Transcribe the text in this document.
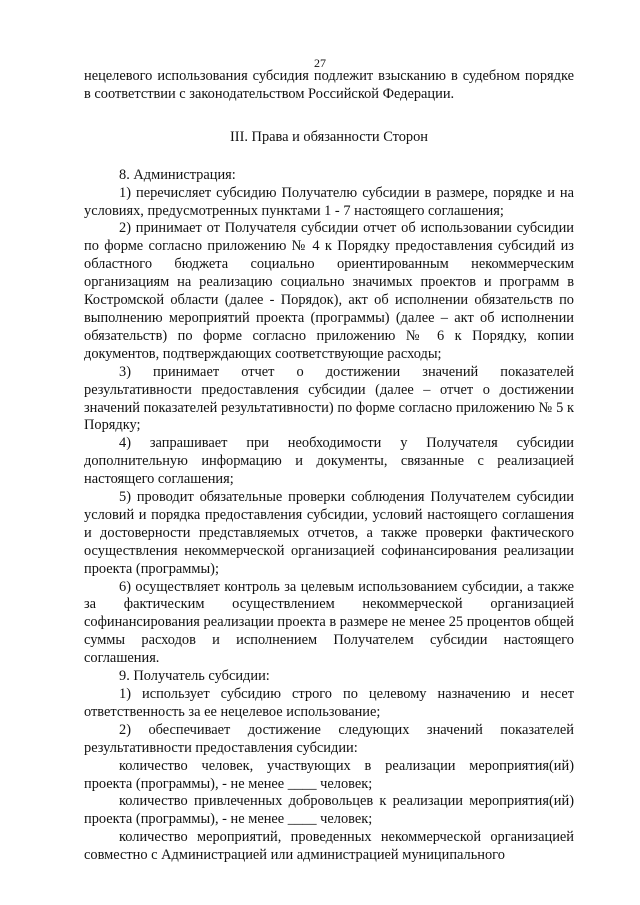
27

нецелевого использования субсидия подлежит взысканию в судебном порядке в соответствии с законодательством Российской Федерации.

III. Права и обязанности Сторон

8. Администрация:

1) перечисляет субсидию Получателю субсидии в размере, порядке и на условиях, предусмотренных пунктами 1 - 7 настоящего соглашения;

2) принимает от Получателя субсидии отчет об использовании субсидии по форме согласно приложению № 4 к Порядку предоставления субсидий из областного бюджета социально ориентированным некоммерческим организациям на реализацию социально значимых проектов и программ в Костромской области (далее - Порядок), акт об исполнении обязательств по выполнению мероприятий проекта (программы) (далее – акт об исполнении обязательств) по форме согласно приложению № 6 к Порядку, копии документов, подтверждающих соответствующие расходы;

3) принимает отчет о достижении значений показателей результативности предоставления субсидии (далее – отчет о достижении значений показателей результативности) по форме согласно приложению № 5 к Порядку;

4) запрашивает при необходимости у Получателя субсидии дополнительную информацию и документы, связанные с реализацией настоящего соглашения;

5) проводит обязательные проверки соблюдения Получателем субсидии условий и порядка предоставления субсидии, условий настоящего соглашения и достоверности представляемых отчетов, а также проверки фактического осуществления некоммерческой организацией софинансирования реализации проекта (программы);

6) осуществляет контроль за целевым использованием субсидии, а также за фактическим осуществлением некоммерческой организацией софинансирования реализации проекта в размере не менее 25 процентов общей суммы расходов и исполнением Получателем субсидии настоящего соглашения.

9. Получатель субсидии:

1) использует субсидию строго по целевому назначению и несет ответственность за ее нецелевое использование;

2) обеспечивает достижение следующих значений показателей результативности предоставления субсидии:

количество человек, участвующих в реализации мероприятия(ий) проекта (программы), - не менее ____ человек;

количество привлеченных добровольцев к реализации мероприятия(ий) проекта (программы), - не менее ____ человек;

количество мероприятий, проведенных некоммерческой организацией совместно с Администрацией или администрацией муниципального
